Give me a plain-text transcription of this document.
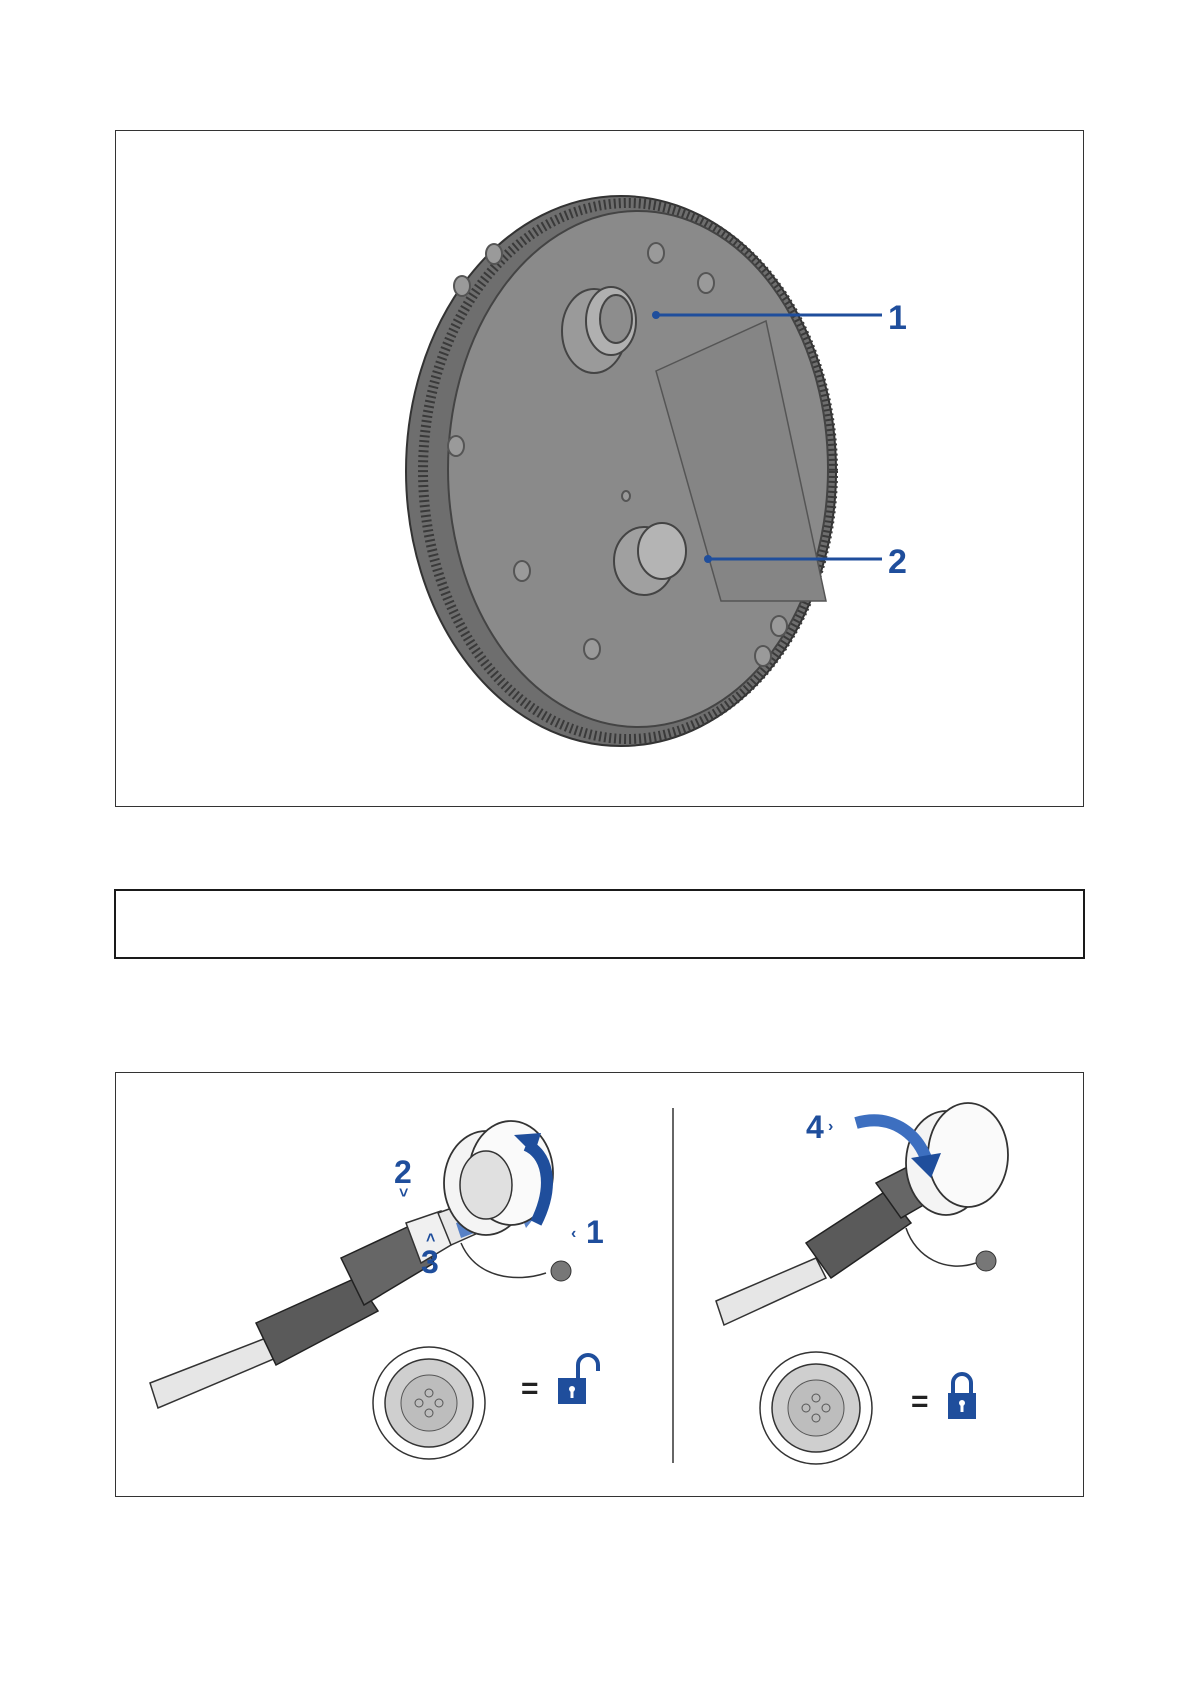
1
2
2
˅
3
˄	1
‹
=
4 ›
=
